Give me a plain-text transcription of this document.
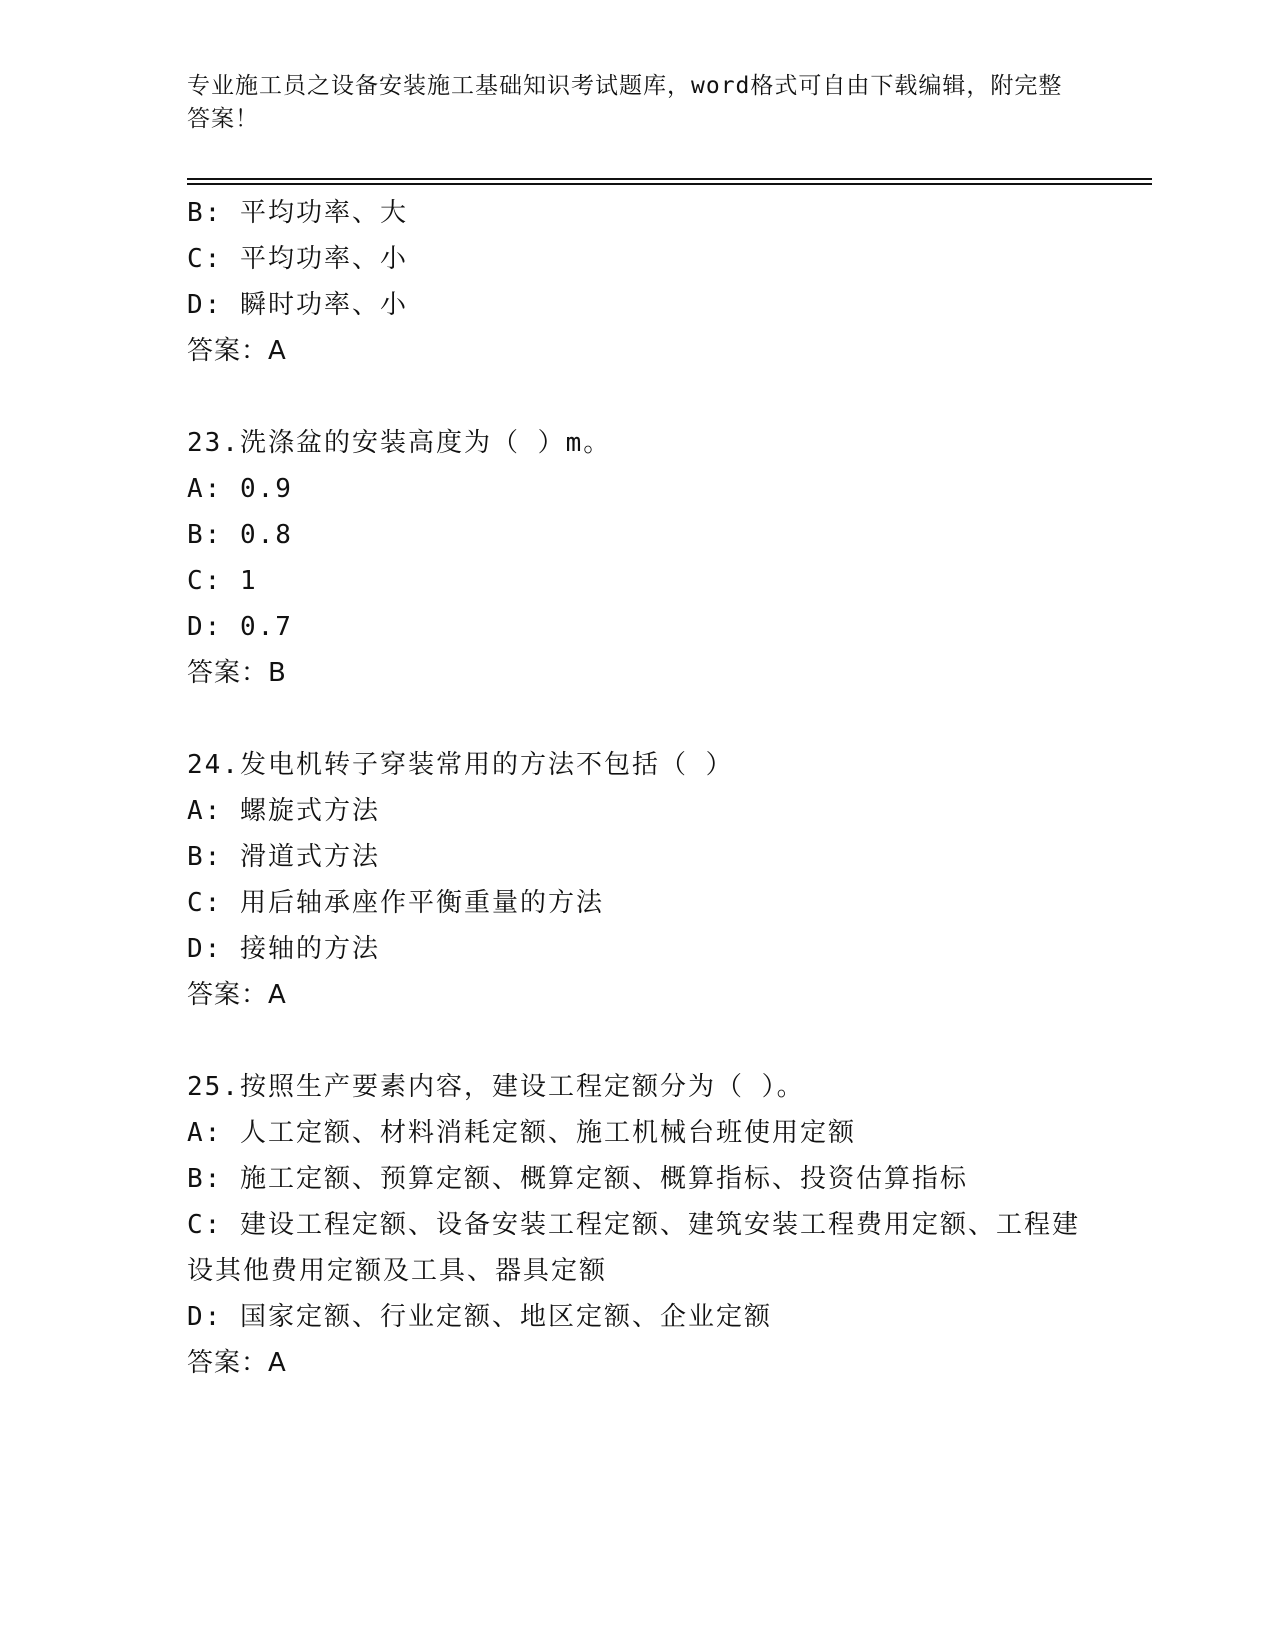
专业施工员之设备安装施工基础知识考试题库，word格式可自由下载编辑，附完整答案！
B: 平均功率、大
C: 平均功率、小
D: 瞬时功率、小
答案：A
23.洗涤盆的安装高度为（ ）m。
A: 0.9
B: 0.8
C: 1
D: 0.7
答案：B
24.发电机转子穿装常用的方法不包括（ ）
A: 螺旋式方法
B: 滑道式方法
C: 用后轴承座作平衡重量的方法
D: 接轴的方法
答案：A
25.按照生产要素内容，建设工程定额分为（ ）。
A: 人工定额、材料消耗定额、施工机械台班使用定额
B: 施工定额、预算定额、概算定额、概算指标、投资估算指标
C: 建设工程定额、设备安装工程定额、建筑安装工程费用定额、工程建设其他费用定额及工具、器具定额
D: 国家定额、行业定额、地区定额、企业定额
答案：A
